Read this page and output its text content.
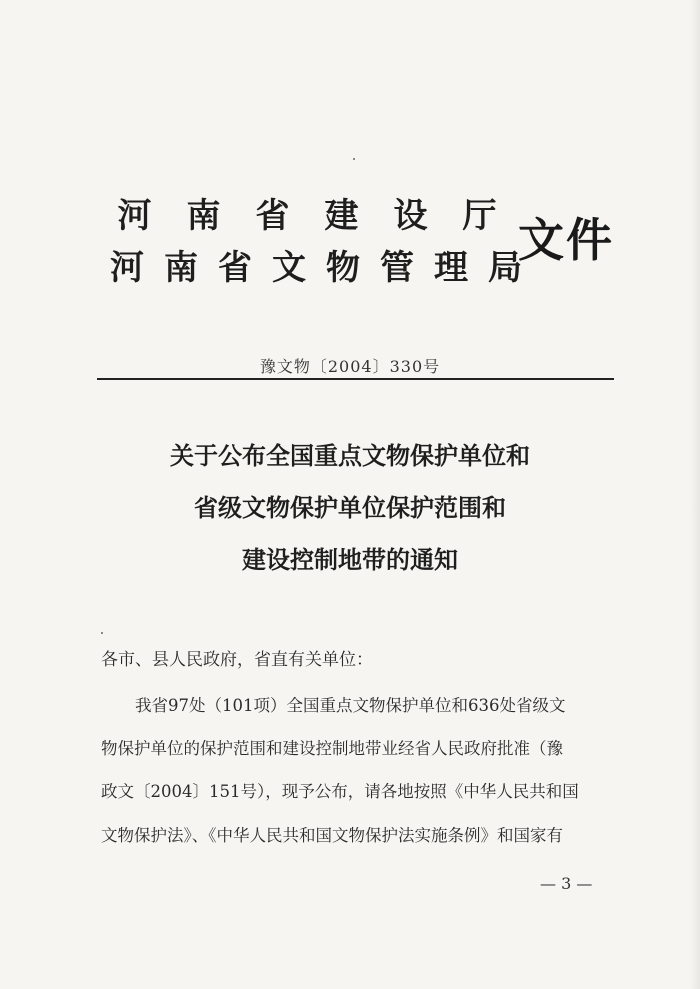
河 南 省 建 设 厅
河 南 省 文 物 管 理 局
文件
豫文物〔2004〕330号
关于公布全国重点文物保护单位和
省级文物保护单位保护范围和
建设控制地带的通知
各市、县人民政府，省直有关单位：
我省97处（101项）全国重点文物保护单位和636处省级文
物保护单位的保护范围和建设控制地带业经省人民政府批准（豫
政文〔2004〕151号），现予公布，请各地按照《中华人民共和国
文物保护法》、《中华人民共和国文物保护法实施条例》和国家有
— 3 —
